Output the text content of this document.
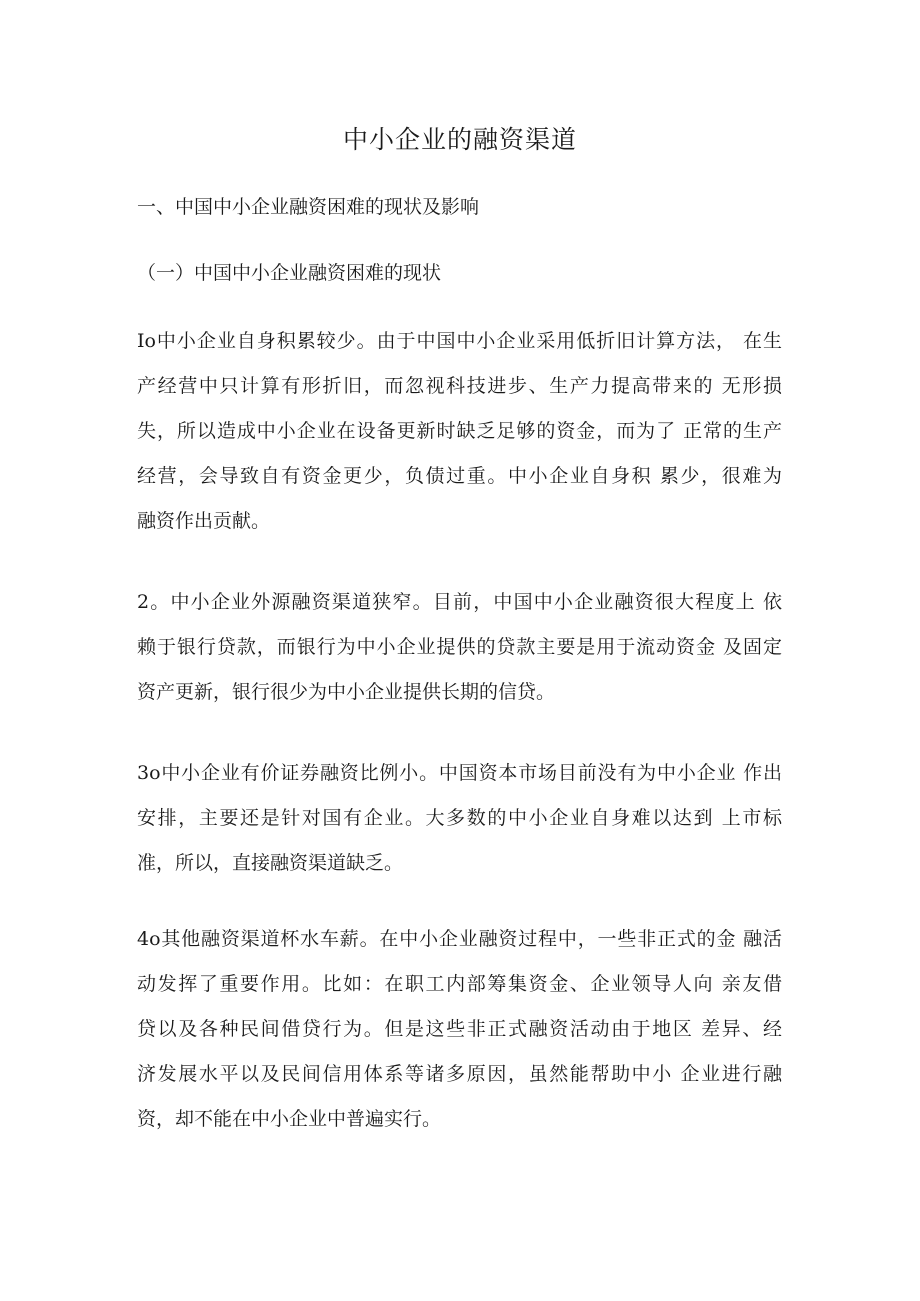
中小企业的融资渠道
一、中国中小企业融资困难的现状及影响
（一）中国中小企业融资困难的现状
Io中小企业自身积累较少。由于中国中小企业采用低折旧计算方法， 在生
产经营中只计算有形折旧，而忽视科技进步、生产力提高带来的 无形损
失，所以造成中小企业在设备更新时缺乏足够的资金，而为了 正常的生产
经营，会导致自有资金更少，负债过重。中小企业自身积 累少，很难为
融资作出贡献。
2。中小企业外源融资渠道狭窄。目前，中国中小企业融资很大程度上 依
赖于银行贷款，而银行为中小企业提供的贷款主要是用于流动资金 及固定
资产更新，银行很少为中小企业提供长期的信贷。
3o中小企业有价证券融资比例小。中国资本市场目前没有为中小企业 作出
安排，主要还是针对国有企业。大多数的中小企业自身难以达到 上市标
准，所以，直接融资渠道缺乏。
4o其他融资渠道杯水车薪。在中小企业融资过程中，一些非正式的金 融活
动发挥了重要作用。比如：在职工内部筹集资金、企业领导人向 亲友借
贷以及各种民间借贷行为。但是这些非正式融资活动由于地区 差异、经
济发展水平以及民间信用体系等诸多原因，虽然能帮助中小 企业进行融
资，却不能在中小企业中普遍实行。
